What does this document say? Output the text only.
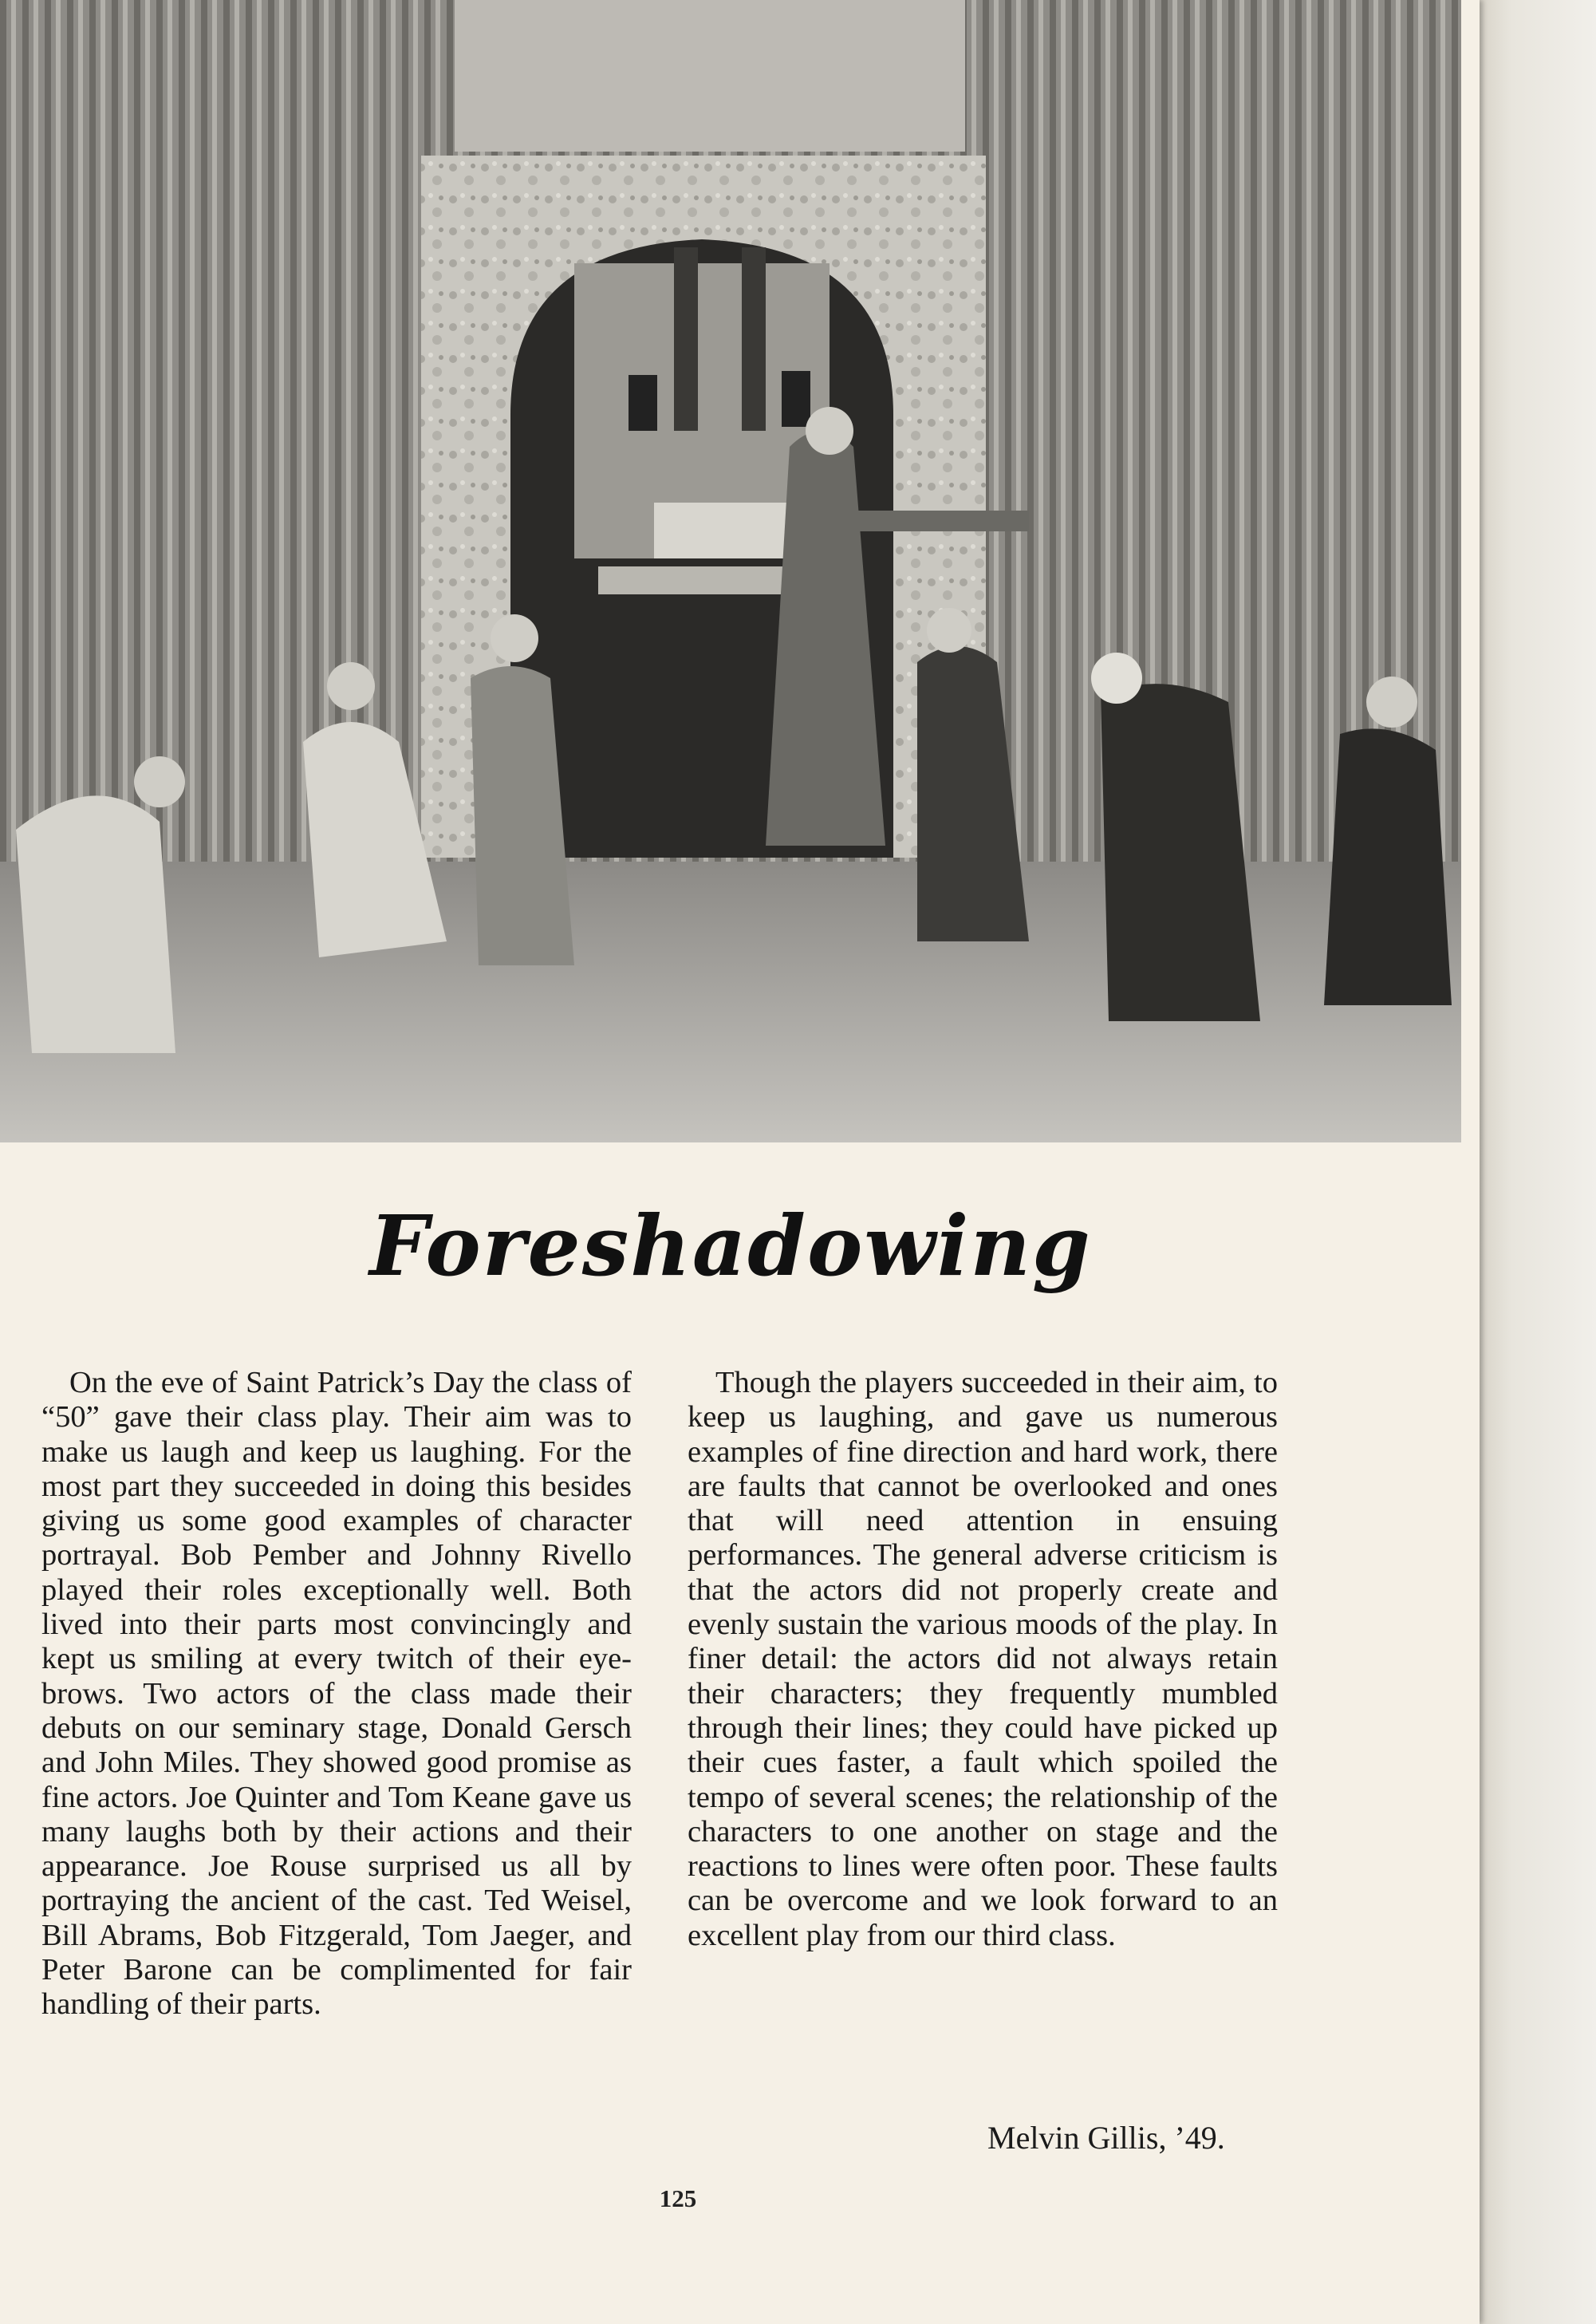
Foreshadowing
On the eve of Saint Patrick’s Day the class of “50” gave their class play. Their aim was to make us laugh and keep us laughing. For the most part they succeeded in doing this besides giving us some good examples of character portrayal. Bob Pember and Johnny Rivello played their roles exceptionally well. Both lived into their parts most convincingly and kept us smiling at every twitch of their eyebrows. Two actors of the class made their debuts on our seminary stage, Donald Gersch and John Miles. They showed good promise as fine actors. Joe Quinter and Tom Keane gave us many laughs both by their actions and their appearance. Joe Rouse surprised us all by portraying the ancient of the cast. Ted Weisel, Bill Abrams, Bob Fitzgerald, Tom Jaeger, and Peter Barone can be complimented for fair handling of their parts.
Though the players succeeded in their aim, to keep us laughing, and gave us numerous examples of fine direction and hard work, there are faults that cannot be overlooked and ones that will need attention in ensuing performances. The general adverse criticism is that the actors did not properly create and evenly sustain the various moods of the play. In finer detail: the actors did not always retain their characters; they frequently mumbled through their lines; they could have picked up their cues faster, a fault which spoiled the tempo of several scenes; the relationship of the characters to one another on stage and the reactions to lines were often poor. These faults can be overcome and we look forward to an excellent play from our third class.
Melvin Gillis, ’49.
125
